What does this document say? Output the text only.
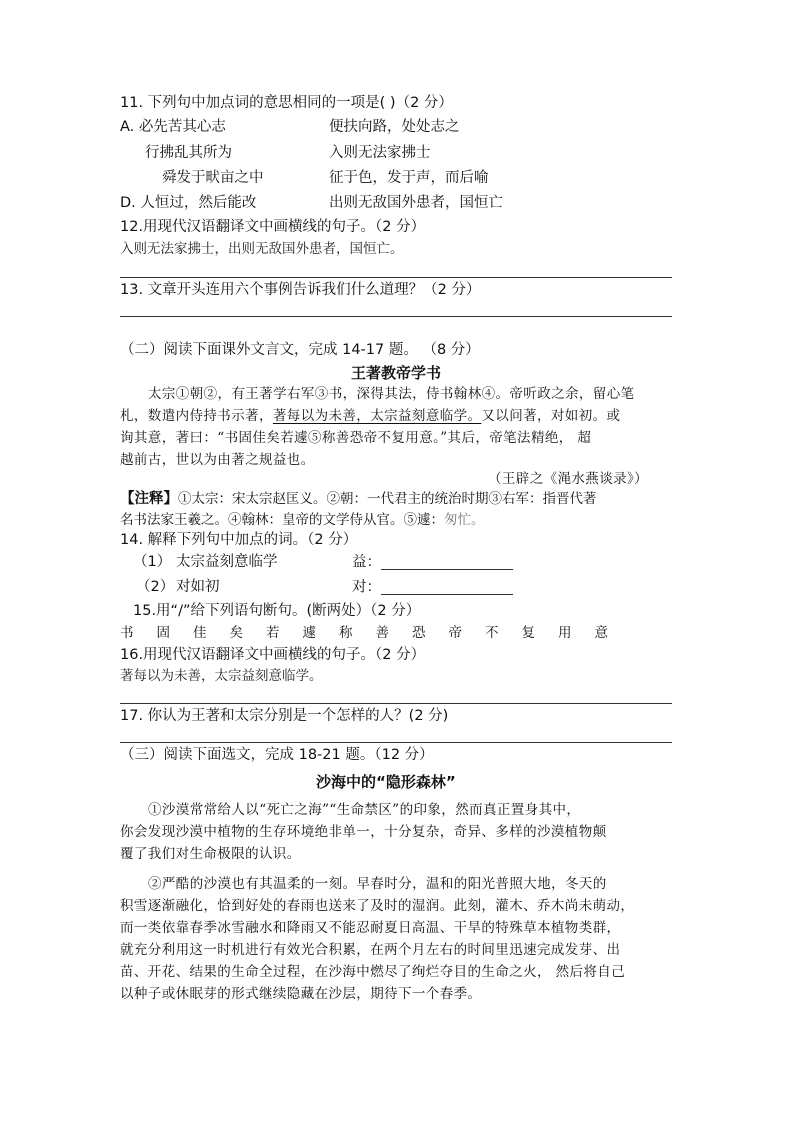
11. 下列句中加点词的意思相同的一项是( )（2 分）
A. 必先苦其心志	便扶向路，处处志之
行拂乱其所为	入则无法家拂士
舜发于畎亩之中	征于色，发于声，而后喻
D. 人恒过，然后能改	出则无敌国外患者，国恒亡
12.用现代汉语翻译文中画横线的句子。（2 分）
入则无法家拂士，出则无敌国外患者，国恒亡。
13. 文章开头连用六个事例告诉我们什么道理？（2 分）
（二）阅读下面课外文言文，完成 14-17 题。 （8 分）
王著教帝学书
太宗①朝②，有王著学右军③书，深得其法，侍书翰林④。帝听政之余，留心笔
札，数遣内侍持书示著，著每以为未善，太宗益刻意临学。又以问著，对如初。或
询其意，著曰：“书固佳矣若遽⑤称善恐帝不复用意。”其后，帝笔法精绝， 超
越前古，世以为由著之规益也。
（王辟之《渑水燕谈录》）
【注释】①太宗：宋太宗赵匡义。②朝：一代君主的统治时期③右军：指晋代著
名书法家王羲之。④翰林：皇帝的文学侍从官。⑤遽：匆忙。
14. 解释下列句中加点的词。（2 分）
（1） 太宗益刻意临学	益：
（2） 对如初	对：
15.用“/”给下列语句断句。(断两处）（2 分）
书固佳矣若遽称善恐帝不复用意
16.用现代汉语翻译文中画横线的句子。（2 分）
著每以为未善，太宗益刻意临学。
17. 你认为王著和太宗分别是一个怎样的人？(2 分)
（三）阅读下面选文，完成 18-21 题。（12 分）
沙海中的“隐形森林”
①沙漠常常给人以“死亡之海”“生命禁区”的印象，然而真正置身其中，
你会发现沙漠中植物的生存环境绝非单一，十分复杂，奇异、多样的沙漠植物颠
覆了我们对生命极限的认识。
②严酷的沙漠也有其温柔的一刻。早春时分，温和的阳光普照大地，冬天的
积雪逐渐融化，恰到好处的春雨也送来了及时的湿润。此刻，灌木、乔木尚未萌动，
而一类依靠春季冰雪融水和降雨又不能忍耐夏日高温、干旱的特殊草本植物类群，
就充分利用这一时机进行有效光合积累，在两个月左右的时间里迅速完成发芽、出
苗、开花、结果的生命全过程，在沙海中燃尽了绚烂夺目的生命之火， 然后将自己
以种子或休眠芽的形式继续隐藏在沙层，期待下一个春季。
